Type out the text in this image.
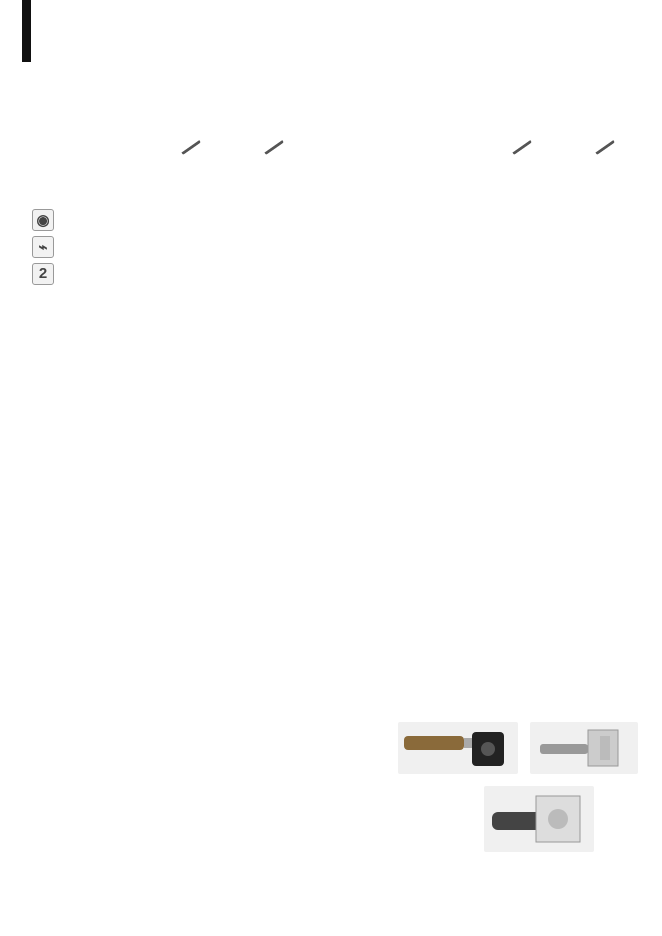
◉
⌁
2
